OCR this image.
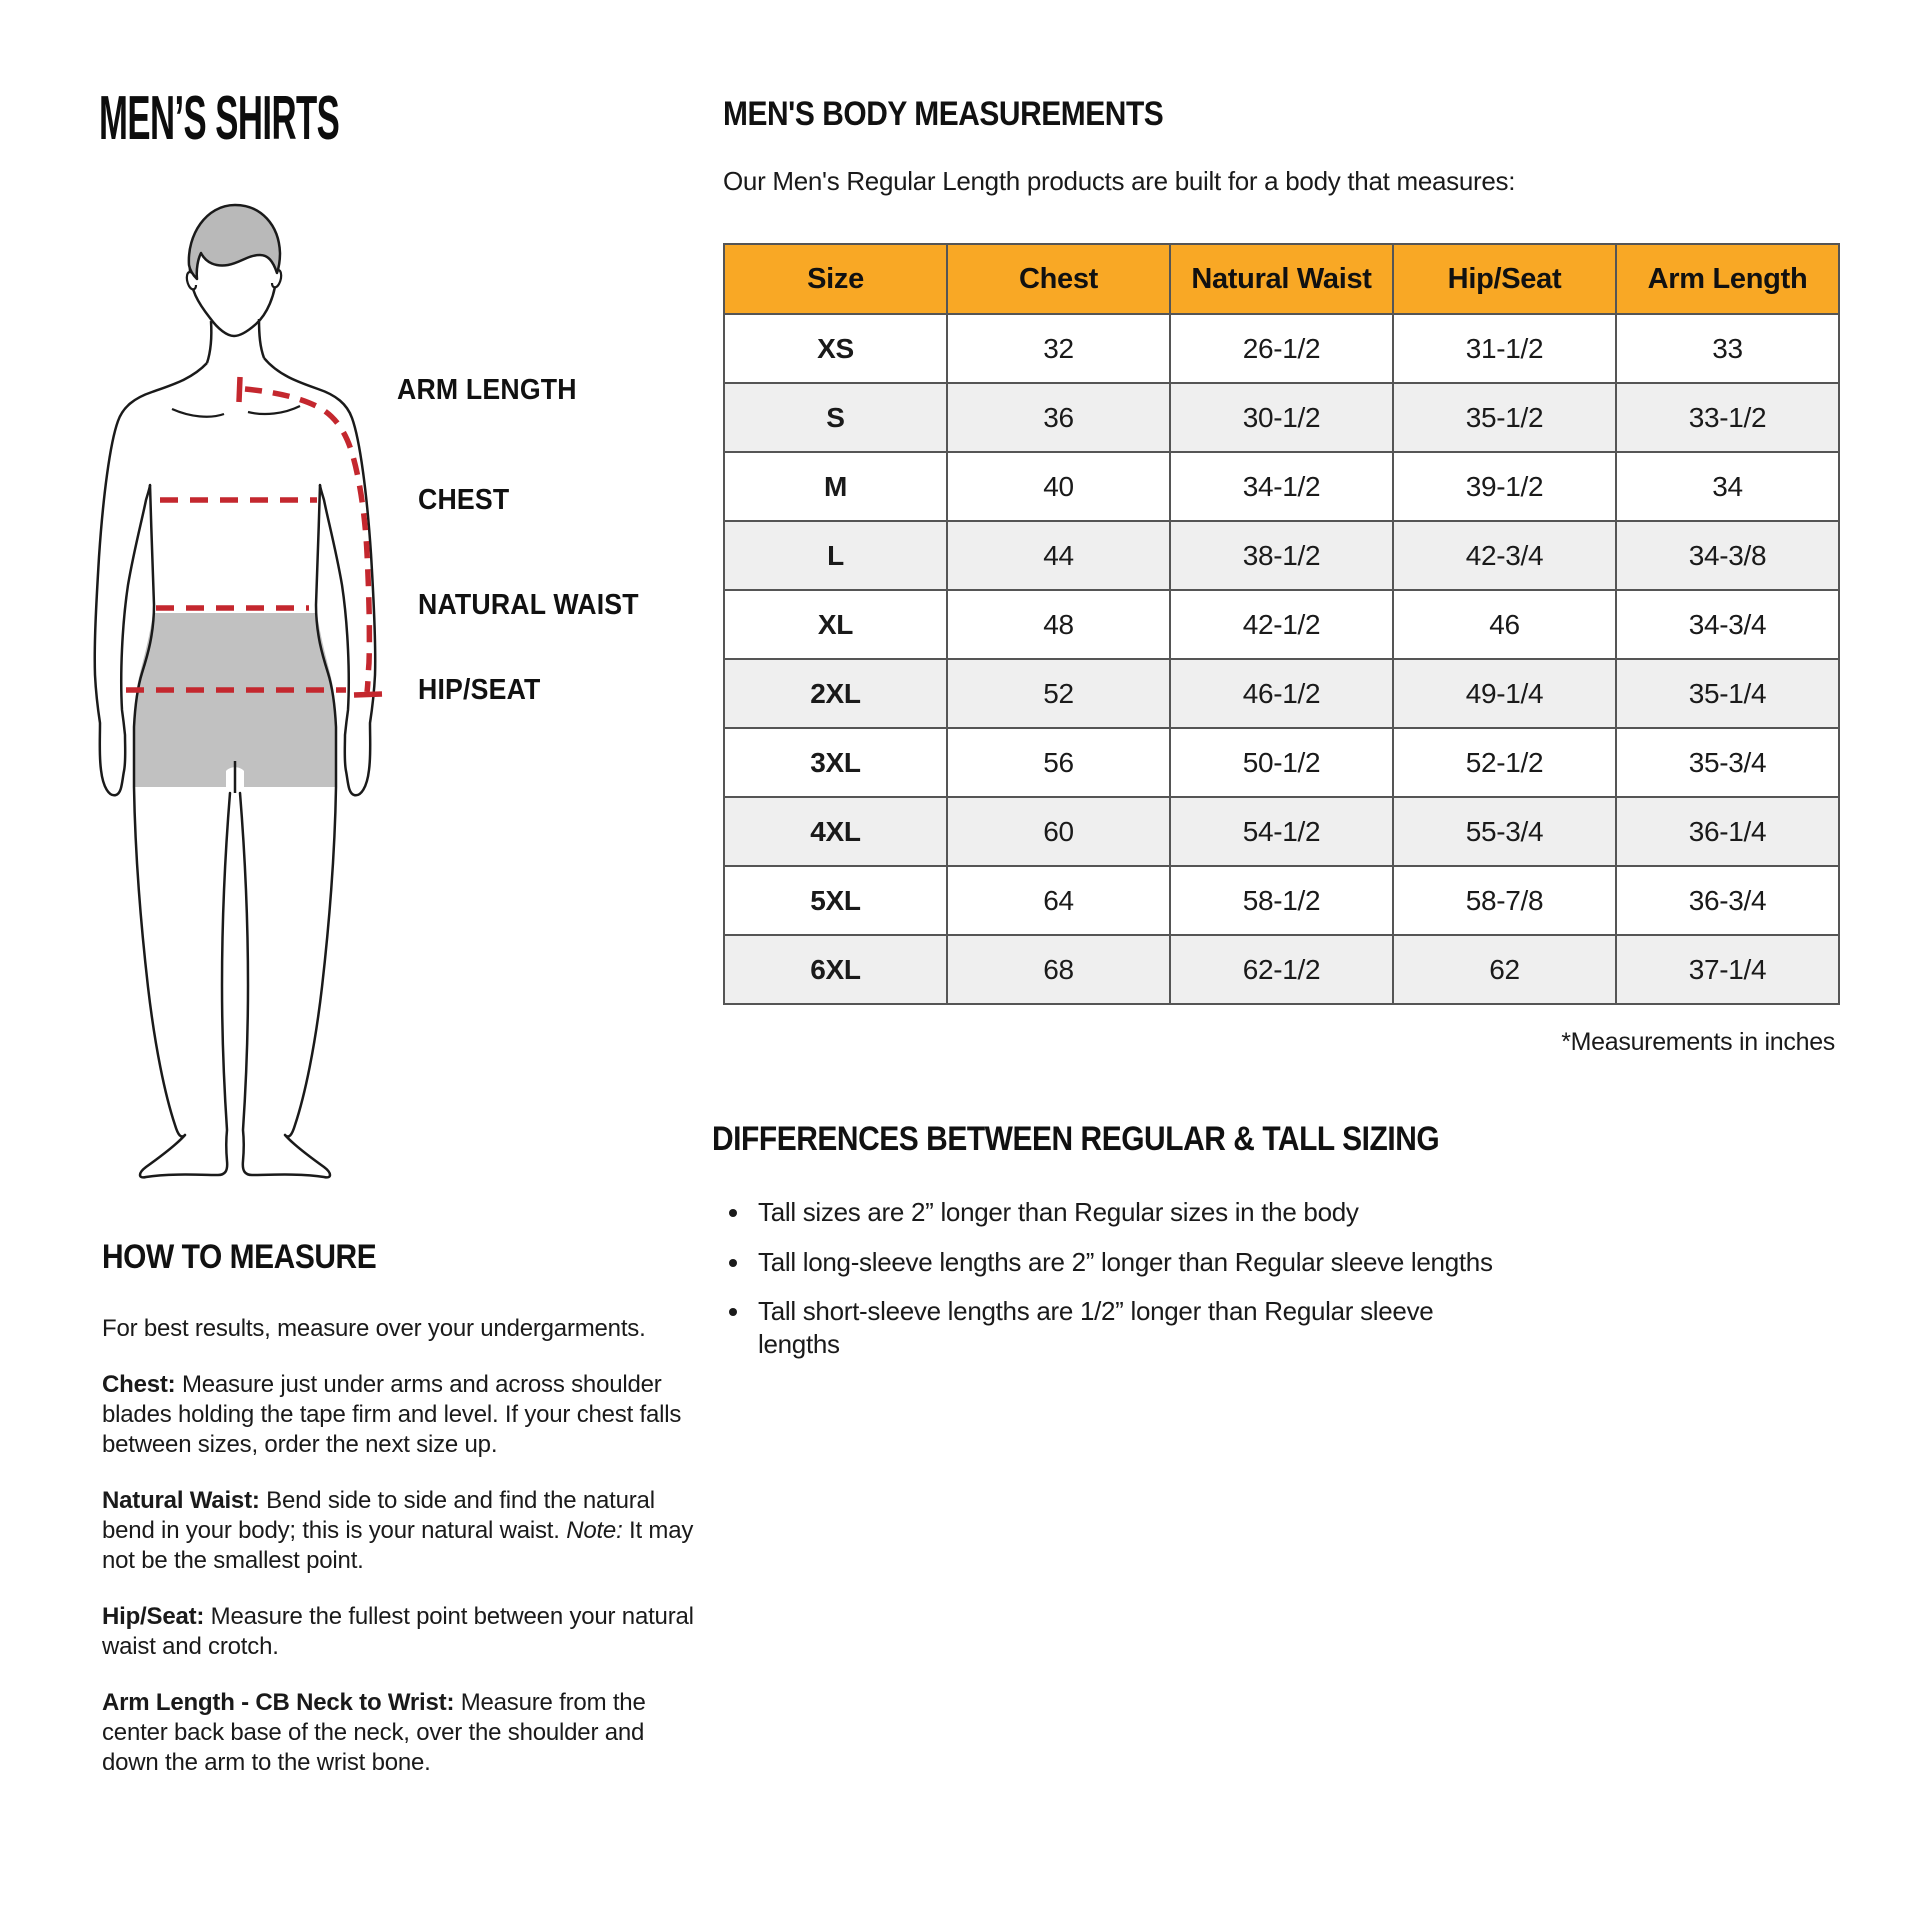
MEN’S SHIRTS
ARM LENGTH
CHEST
NATURAL WAIST
HIP/SEAT
MEN'S BODY MEASUREMENTS
Our Men's Regular Length products are built for a body that measures:
Size	Chest	Natural Waist	Hip/Seat	Arm Length
XS	32	26-1/2	31-1/2	33
S	36	30-1/2	35-1/2	33-1/2
M	40	34-1/2	39-1/2	34
L	44	38-1/2	42-3/4	34-3/8
XL	48	42-1/2	46	34-3/4
2XL	52	46-1/2	49-1/4	35-1/4
3XL	56	50-1/2	52-1/2	35-3/4
4XL	60	54-1/2	55-3/4	36-1/4
5XL	64	58-1/2	58-7/8	36-3/4
6XL	68	62-1/2	62	37-1/4
*Measurements in inches
DIFFERENCES BETWEEN REGULAR & TALL SIZING
• Tall sizes are 2” longer than Regular sizes in the body
• Tall long-sleeve lengths are 2” longer than Regular sleeve lengths
• Tall short-sleeve lengths are 1/2” longer than Regular sleeve lengths
HOW TO MEASURE

For best results, measure over your undergarments.

Chest: Measure just under arms and across shoulder blades holding the tape firm and level. If your chest falls between sizes, order the next size up.

Natural Waist: Bend side to side and find the natural bend in your body; this is your natural waist. Note: It may not be the smallest point.

Hip/Seat: Measure the fullest point between your natural waist and crotch.

Arm Length - CB Neck to Wrist: Measure from the center back base of the neck, over the shoulder and down the arm to the wrist bone.
